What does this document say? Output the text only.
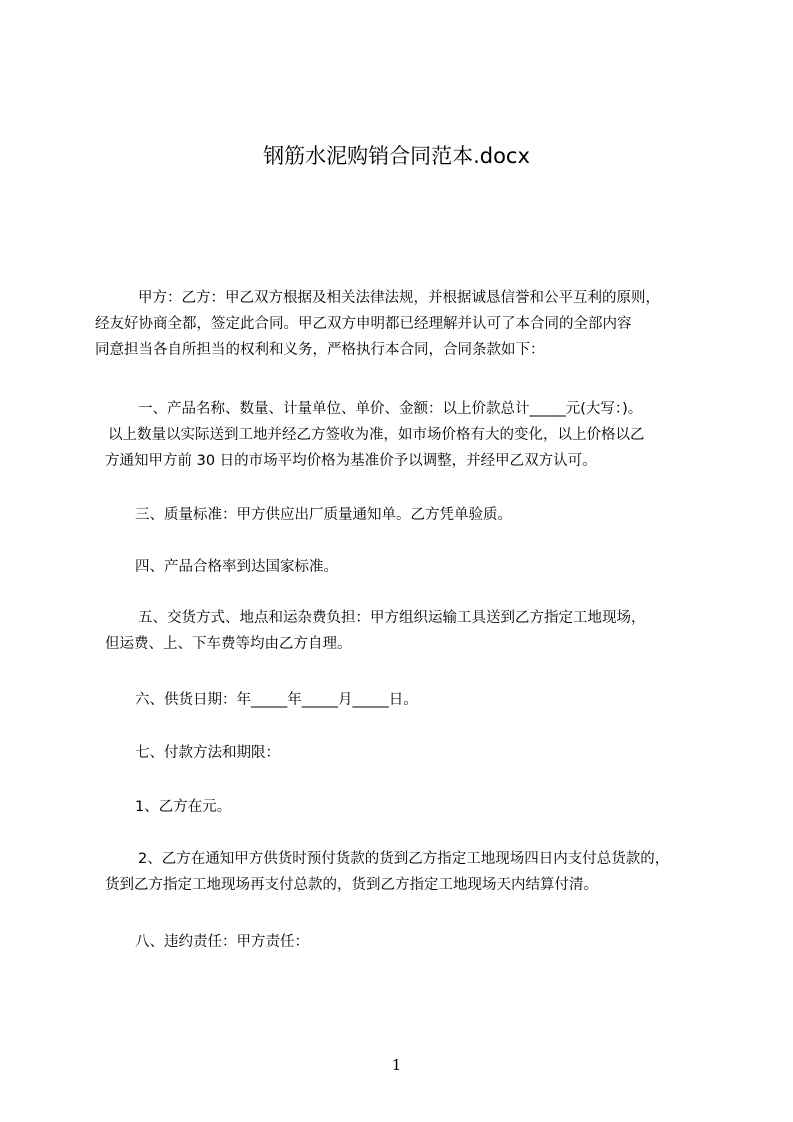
钢筋水泥购销合同范本.docx
甲方：乙方：甲乙双方根据及相关法律法规，并根据诚恳信誉和公平互利的原则，
经友好协商全都，签定此合同。甲乙双方申明都已经理解并认可了本合同的全部内容
同意担当各自所担当的权利和义务，严格执行本合同，合同条款如下：
一、产品名称、数量、计量单位、单价、金额：以上价款总计_____元(大写：)。
以上数量以实际送到工地并经乙方签收为准，如市场价格有大的变化，以上价格以乙
方通知甲方前 30 日的市场平均价格为基准价予以调整，并经甲乙双方认可。
三、质量标准：甲方供应出厂质量通知单。乙方凭单验质。
四、产品合格率到达国家标准。
五、交货方式、地点和运杂费负担：甲方组织运输工具送到乙方指定工地现场，
但运费、上、下车费等均由乙方自理。
六、供货日期：年_____年_____月_____日。
七、付款方法和期限：
1、乙方在元。
2、乙方在通知甲方供货时预付货款的货到乙方指定工地现场四日内支付总货款的，
货到乙方指定工地现场再支付总款的，货到乙方指定工地现场天内结算付清。
八、违约责任：甲方责任：
1
